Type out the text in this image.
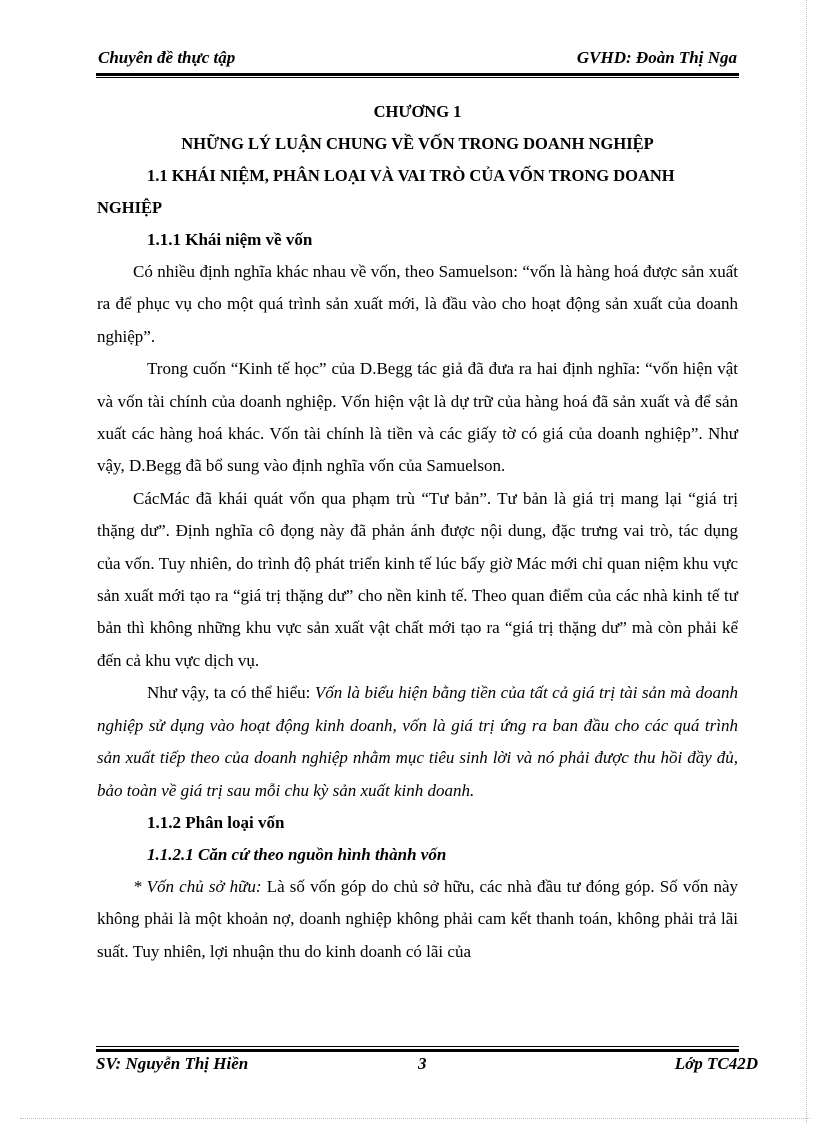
Chuyên đề thực tập	GVHD: Đoàn Thị Nga
CHƯƠNG 1
NHỮNG LÝ LUẬN CHUNG VỀ VỐN TRONG DOANH NGHIỆP
1.1 KHÁI NIỆM, PHÂN LOẠI VÀ VAI TRÒ CỦA VỐN TRONG DOANH NGHIỆP
1.1.1 Khái niệm về vốn

Có nhiều định nghĩa khác nhau về vốn, theo Samuelson: “vốn là hàng hoá được sản xuất ra để phục vụ cho một quá trình sản xuất mới, là đầu vào cho hoạt động sản xuất của doanh nghiệp”.

Trong cuốn “Kinh tế học” của D.Begg tác giả đã đưa ra hai định nghĩa: “vốn hiện vật và vốn tài chính của doanh nghiệp. Vốn hiện vật là dự trữ của hàng hoá đã sản xuất và để sản xuất các hàng hoá khác. Vốn tài chính là tiền và các giấy tờ có giá của doanh nghiệp”. Như vậy, D.Begg đã bổ sung vào định nghĩa vốn của Samuelson.

CácMác đã khái quát vốn qua phạm trù “Tư bản”. Tư bản là giá trị mang lại “giá trị thặng dư”. Định nghĩa cô đọng này đã phản ánh được nội dung, đặc trưng vai trò, tác dụng của vốn. Tuy nhiên, do trình độ phát triển kinh tế lúc bấy giờ Mác mới chỉ quan niệm khu vực sản xuất mới tạo ra “giá trị thặng dư” cho nền kinh tế. Theo quan điểm của các nhà kinh tế tư bản thì không những khu vực sản xuất vật chất mới tạo ra “giá trị thặng dư” mà còn phải kể đến cả khu vực dịch vụ.

Như vậy, ta có thể hiểu: Vốn là biểu hiện bằng tiền của tất cả giá trị tài sản mà doanh nghiệp sử dụng vào hoạt động kinh doanh, vốn là giá trị ứng ra ban đầu cho các quá trình sản xuất tiếp theo của doanh nghiệp nhằm mục tiêu sinh lời và nó phải được thu hồi đầy đủ, bảo toàn về giá trị sau mỗi chu kỳ sản xuất kinh doanh.

1.1.2 Phân loại vốn
1.1.2.1 Căn cứ theo nguồn hình thành vốn

* Vốn chủ sở hữu: Là số vốn góp do chủ sở hữu, các nhà đầu tư đóng góp. Số vốn này không phải là một khoản nợ, doanh nghiệp không phải cam kết thanh toán, không phải trả lãi suất. Tuy nhiên, lợi nhuận thu do kinh doanh có lãi của

SV: Nguyễn Thị Hiền	3	Lớp TC42D
